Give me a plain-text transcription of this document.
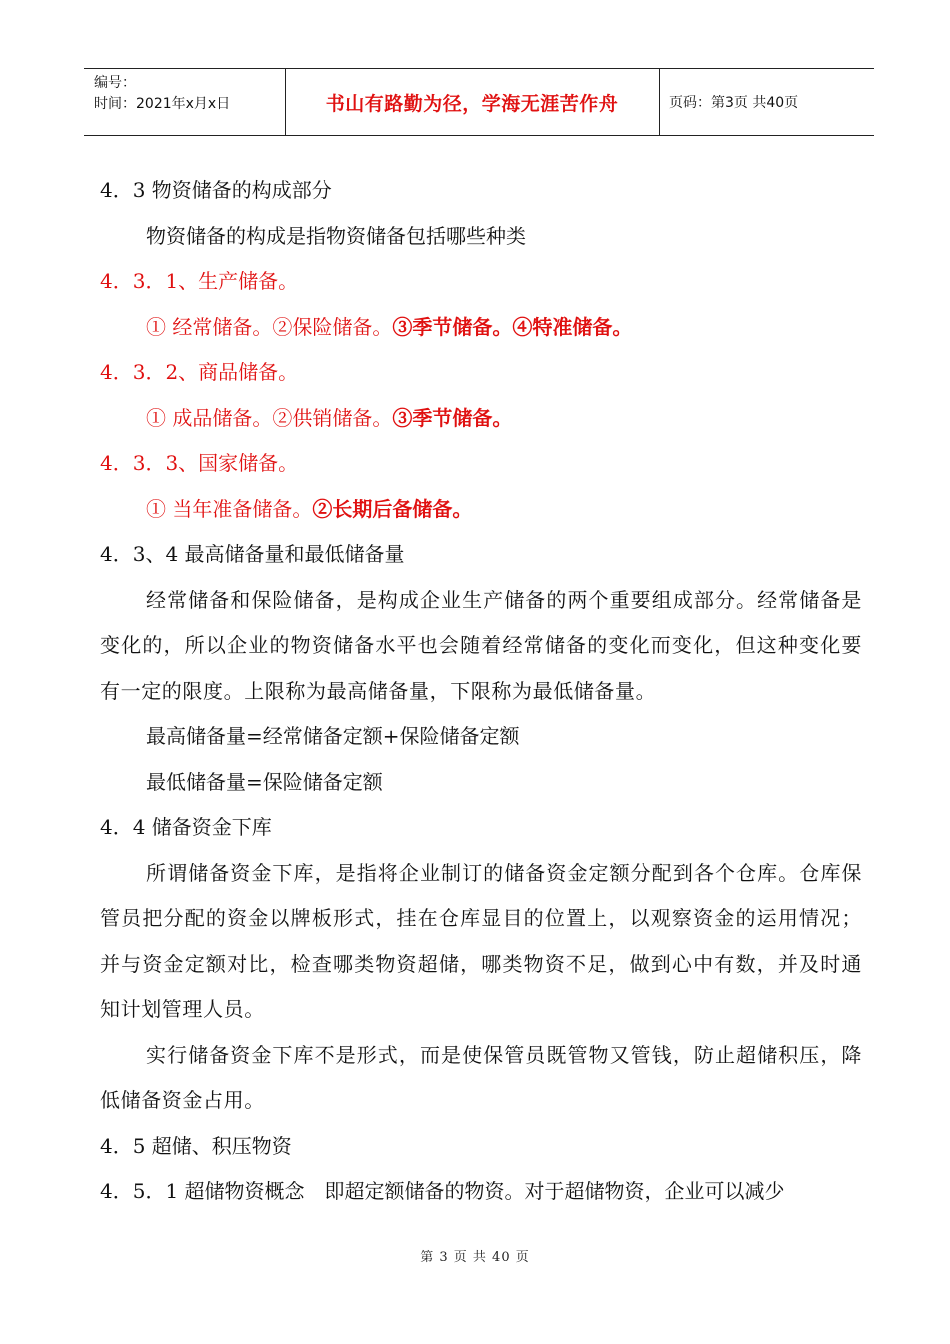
编号：
时间：2021年x月x日	书山有路勤为径，学海无涯苦作舟	页码：第3页 共40页
4．3 物资储备的构成部分
物资储备的构成是指物资储备包括哪些种类
4．3．1、生产储备。
① 经常储备。②保险储备。③季节储备。④特准储备。
4．3．2、商品储备。
① 成品储备。②供销储备。③季节储备。
4．3．3、国家储备。
① 当年准备储备。②长期后备储备。
4．3、4 最高储备量和最低储备量
经常储备和保险储备，是构成企业生产储备的两个重要组成部分。经常储备是变化的，所以企业的物资储备水平也会随着经常储备的变化而变化，但这种变化要有一定的限度。上限称为最高储备量，下限称为最低储备量。
最高储备量=经常储备定额+保险储备定额
最低储备量=保险储备定额
4．4 储备资金下库
所谓储备资金下库，是指将企业制订的储备资金定额分配到各个仓库。仓库保管员把分配的资金以牌板形式，挂在仓库显目的位置上，以观察资金的运用情况；并与资金定额对比，检查哪类物资超储，哪类物资不足，做到心中有数，并及时通知计划管理人员。
实行储备资金下库不是形式，而是使保管员既管物又管钱，防止超储积压，降低储备资金占用。
4．5 超储、积压物资
4．5．1 超储物资概念　即超定额储备的物资。对于超储物资，企业可以减少
第 3 页 共 40 页
